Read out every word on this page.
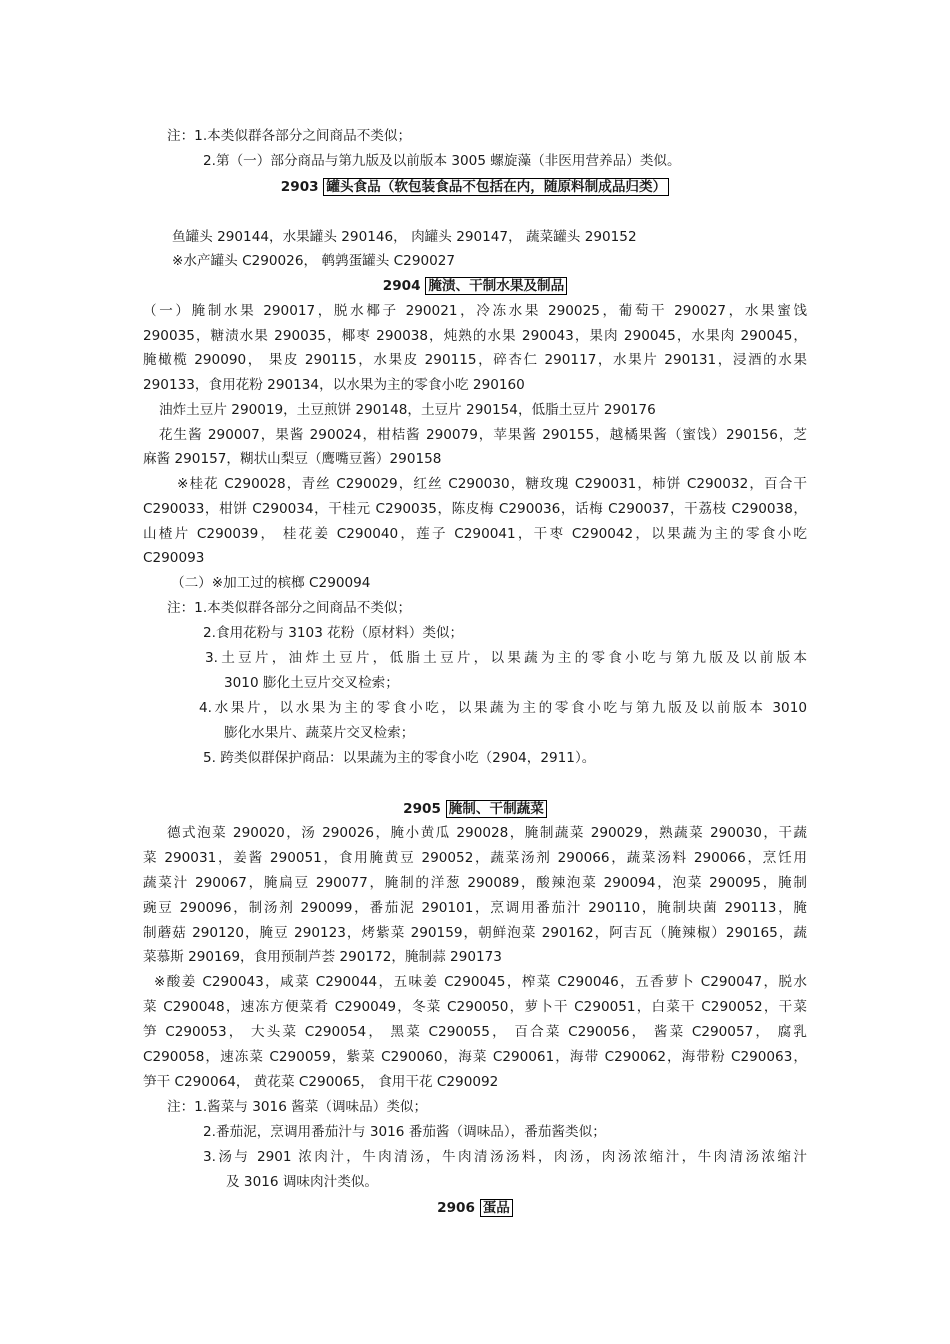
注：1.本类似群各部分之间商品不类似；
2.第（一）部分商品与第九版及以前版本 3005 螺旋藻（非医用营养品）类似。
2903 罐头食品（软包装食品不包括在内，随原料制成品归类）
鱼罐头 290144，水果罐头 290146， 肉罐头 290147， 蔬菜罐头 290152
※水产罐头 C290026， 鹌鹑蛋罐头 C290027
2904 腌渍、干制水果及制品
（一）腌制水果 290017，脱水椰子 290021，冷冻水果 290025，葡萄干 290027，水果蜜饯
290035，糖渍水果 290035，椰枣 290038，炖熟的水果 290043，果肉 290045，水果肉 290045，
腌橄榄 290090， 果皮 290115，水果皮 290115，碎杏仁 290117，水果片 290131，浸酒的水果
290133，食用花粉 290134，以水果为主的零食小吃 290160
油炸土豆片 290019，土豆煎饼 290148，土豆片 290154，低脂土豆片 290176
花生酱 290007，果酱 290024，柑桔酱 290079，苹果酱 290155，越橘果酱（蜜饯）290156，芝
麻酱 290157，糊状山梨豆（鹰嘴豆酱）290158
※桂花 C290028，青丝 C290029，红丝 C290030，糖玫瑰 C290031，柿饼 C290032，百合干
C290033，柑饼 C290034，干桂元 C290035，陈皮梅 C290036，话梅 C290037，干荔枝 C290038，
山楂片 C290039， 桂花姜 C290040，莲子 C290041，干枣 C290042，以果蔬为主的零食小吃
C290093
（二）※加工过的槟榔 C290094
注：1.本类似群各部分之间商品不类似；
2.食用花粉与 3103 花粉（原材料）类似；
3.土豆片，油炸土豆片，低脂土豆片，以果蔬为主的零食小吃与第九版及以前版本
3010 膨化土豆片交叉检索；
4.水果片，以水果为主的零食小吃，以果蔬为主的零食小吃与第九版及以前版本 3010
膨化水果片、蔬菜片交叉检索；
5. 跨类似群保护商品：以果蔬为主的零食小吃（2904，2911）。
2905 腌制、干制蔬菜
德式泡菜 290020，汤 290026，腌小黄瓜 290028，腌制蔬菜 290029，熟蔬菜 290030，干蔬
菜 290031，姜酱 290051，食用腌黄豆 290052，蔬菜汤剂 290066，蔬菜汤料 290066，烹饪用
蔬菜汁 290067，腌扁豆 290077，腌制的洋葱 290089，酸辣泡菜 290094，泡菜 290095，腌制
豌豆 290096，制汤剂 290099，番茄泥 290101，烹调用番茄汁 290110，腌制块菌 290113，腌
制蘑菇 290120，腌豆 290123，烤紫菜 290159，朝鲜泡菜 290162，阿吉瓦（腌辣椒）290165，蔬
菜慕斯 290169，食用预制芦荟 290172，腌制蒜 290173
※酸姜 C290043，咸菜 C290044，五味姜 C290045，榨菜 C290046，五香萝卜 C290047，脱水
菜 C290048，速冻方便菜肴 C290049，冬菜 C290050，萝卜干 C290051，白菜干 C290052，干菜
笋 C290053， 大头菜 C290054， 黑菜 C290055， 百合菜 C290056， 酱菜 C290057， 腐乳
C290058，速冻菜 C290059，紫菜 C290060，海菜 C290061，海带 C290062，海带粉 C290063，
笋干 C290064， 黄花菜 C290065， 食用干花 C290092
注：1.酱菜与 3016 酱菜（调味品）类似；
2.番茄泥，烹调用番茄汁与 3016 番茄酱（调味品），番茄酱类似；
3.汤与 2901 浓肉汁，牛肉清汤，牛肉清汤汤料，肉汤，肉汤浓缩汁，牛肉清汤浓缩汁
及 3016 调味肉汁类似。
2906 蛋品
